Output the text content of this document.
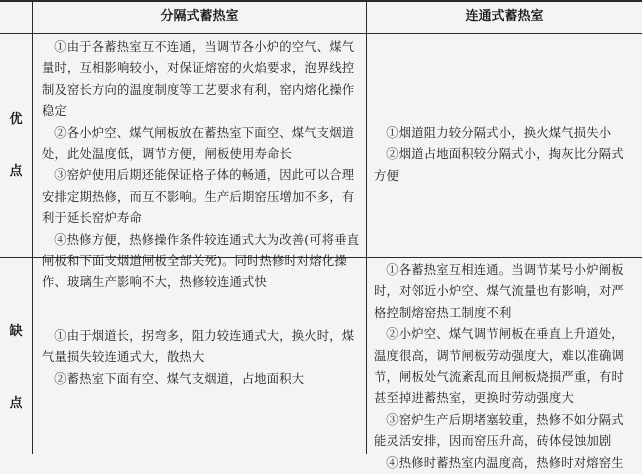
分隔式蓄热室	连通式蓄热室
优
点

①由于各蓄热室互不连通，当调节各小炉的空气、煤气量时，互相影响较小，对保证熔窑的火焰要求，泡界线控制及窑长方向的温度制度等工艺要求有利，窑内熔化操作稳定

②各小炉空、煤气闸板放在蓄热室下面空、煤气支烟道处，此处温度低，调节方便，闸板使用寿命长

③窑炉使用后期还能保证格子体的畅通，因此可以合理安排定期热修，而互不影响。生产后期窑压增加不多，有利于延长窑炉寿命

④热修方便，热修操作条件较连通式大为改善(可将垂直闸板和下面支烟道闸板全部关死)。同时热修时对熔化操作、玻璃生产影响不大，热修较连通式快

①烟道阻力较分隔式小，换火煤气损失小

②烟道占地面积较分隔式小，掏灰比分隔式方便

缺
点

①由于烟道长，拐弯多，阻力较连通式大，换火时，煤气量损失较连通式大，散热大

②蓄热室下面有空、煤气支烟道，占地面积大

①各蓄热室互相连通。当调节某号小炉阐板时，对邻近小炉空、煤气流量也有影响，对严格控制熔窑热工制度不利

②小炉空、煤气调节闸板在垂直上升道处，温度很高，调节闸板劳动强度大，难以准确调节，闸板处气流紊乱而且闸板烧损严重，有时甚至掉进蓄热室，更换时劳动强度大

③窑炉生产后期堵塞较重，热修不如分隔式能灵活安排，因而窑压升高，砖体侵蚀加剧

④热修时蓄热室内温度高，热修时对熔窑生
